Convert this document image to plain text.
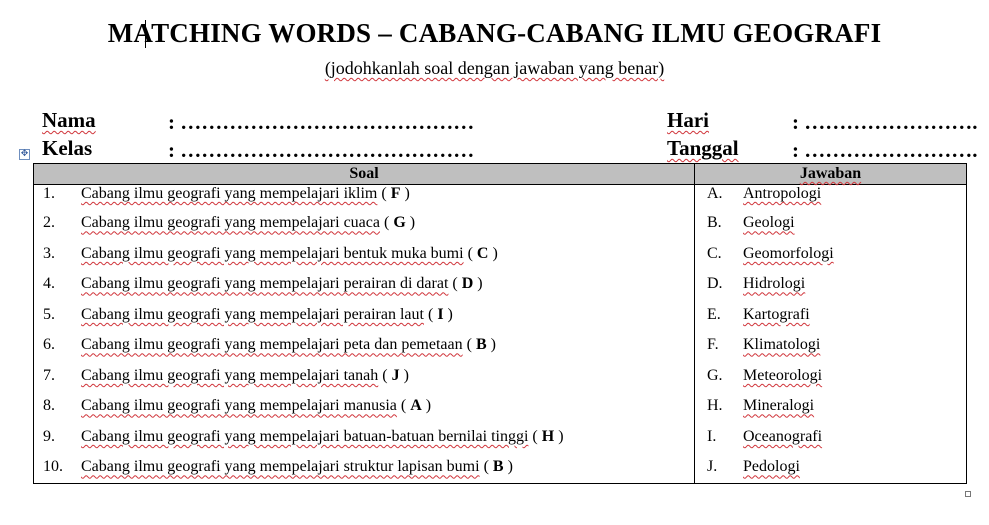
MATCHING WORDS – CABANG-CABANG ILMU GEOGRAFI
(jodohkanlah soal dengan jawaban yang benar)
Nama	: ……………………………………
Kelas	: ……………………………………
Hari	: …………………….
Tanggal	: …………………….
✥
Soal	Jawaban
1. Cabang ilmu geografi yang mempelajari iklim ( F )	A. Antropologi
2. Cabang ilmu geografi yang mempelajari cuaca ( G )	B. Geologi
3. Cabang ilmu geografi yang mempelajari bentuk muka bumi ( C )	C. Geomorfologi
4. Cabang ilmu geografi yang mempelajari perairan di darat ( D )	D. Hidrologi
5. Cabang ilmu geografi yang mempelajari perairan laut ( I )	E. Kartografi
6. Cabang ilmu geografi yang mempelajari peta dan pemetaan ( B )	F. Klimatologi
7. Cabang ilmu geografi yang mempelajari tanah ( J )	G. Meteorologi
8. Cabang ilmu geografi yang mempelajari manusia ( A )	H. Mineralogi
9. Cabang ilmu geografi yang mempelajari batuan-batuan bernilai tinggi ( H )	I. Oceanografi
10. Cabang ilmu geografi yang mempelajari struktur lapisan bumi ( B )	J. Pedologi
